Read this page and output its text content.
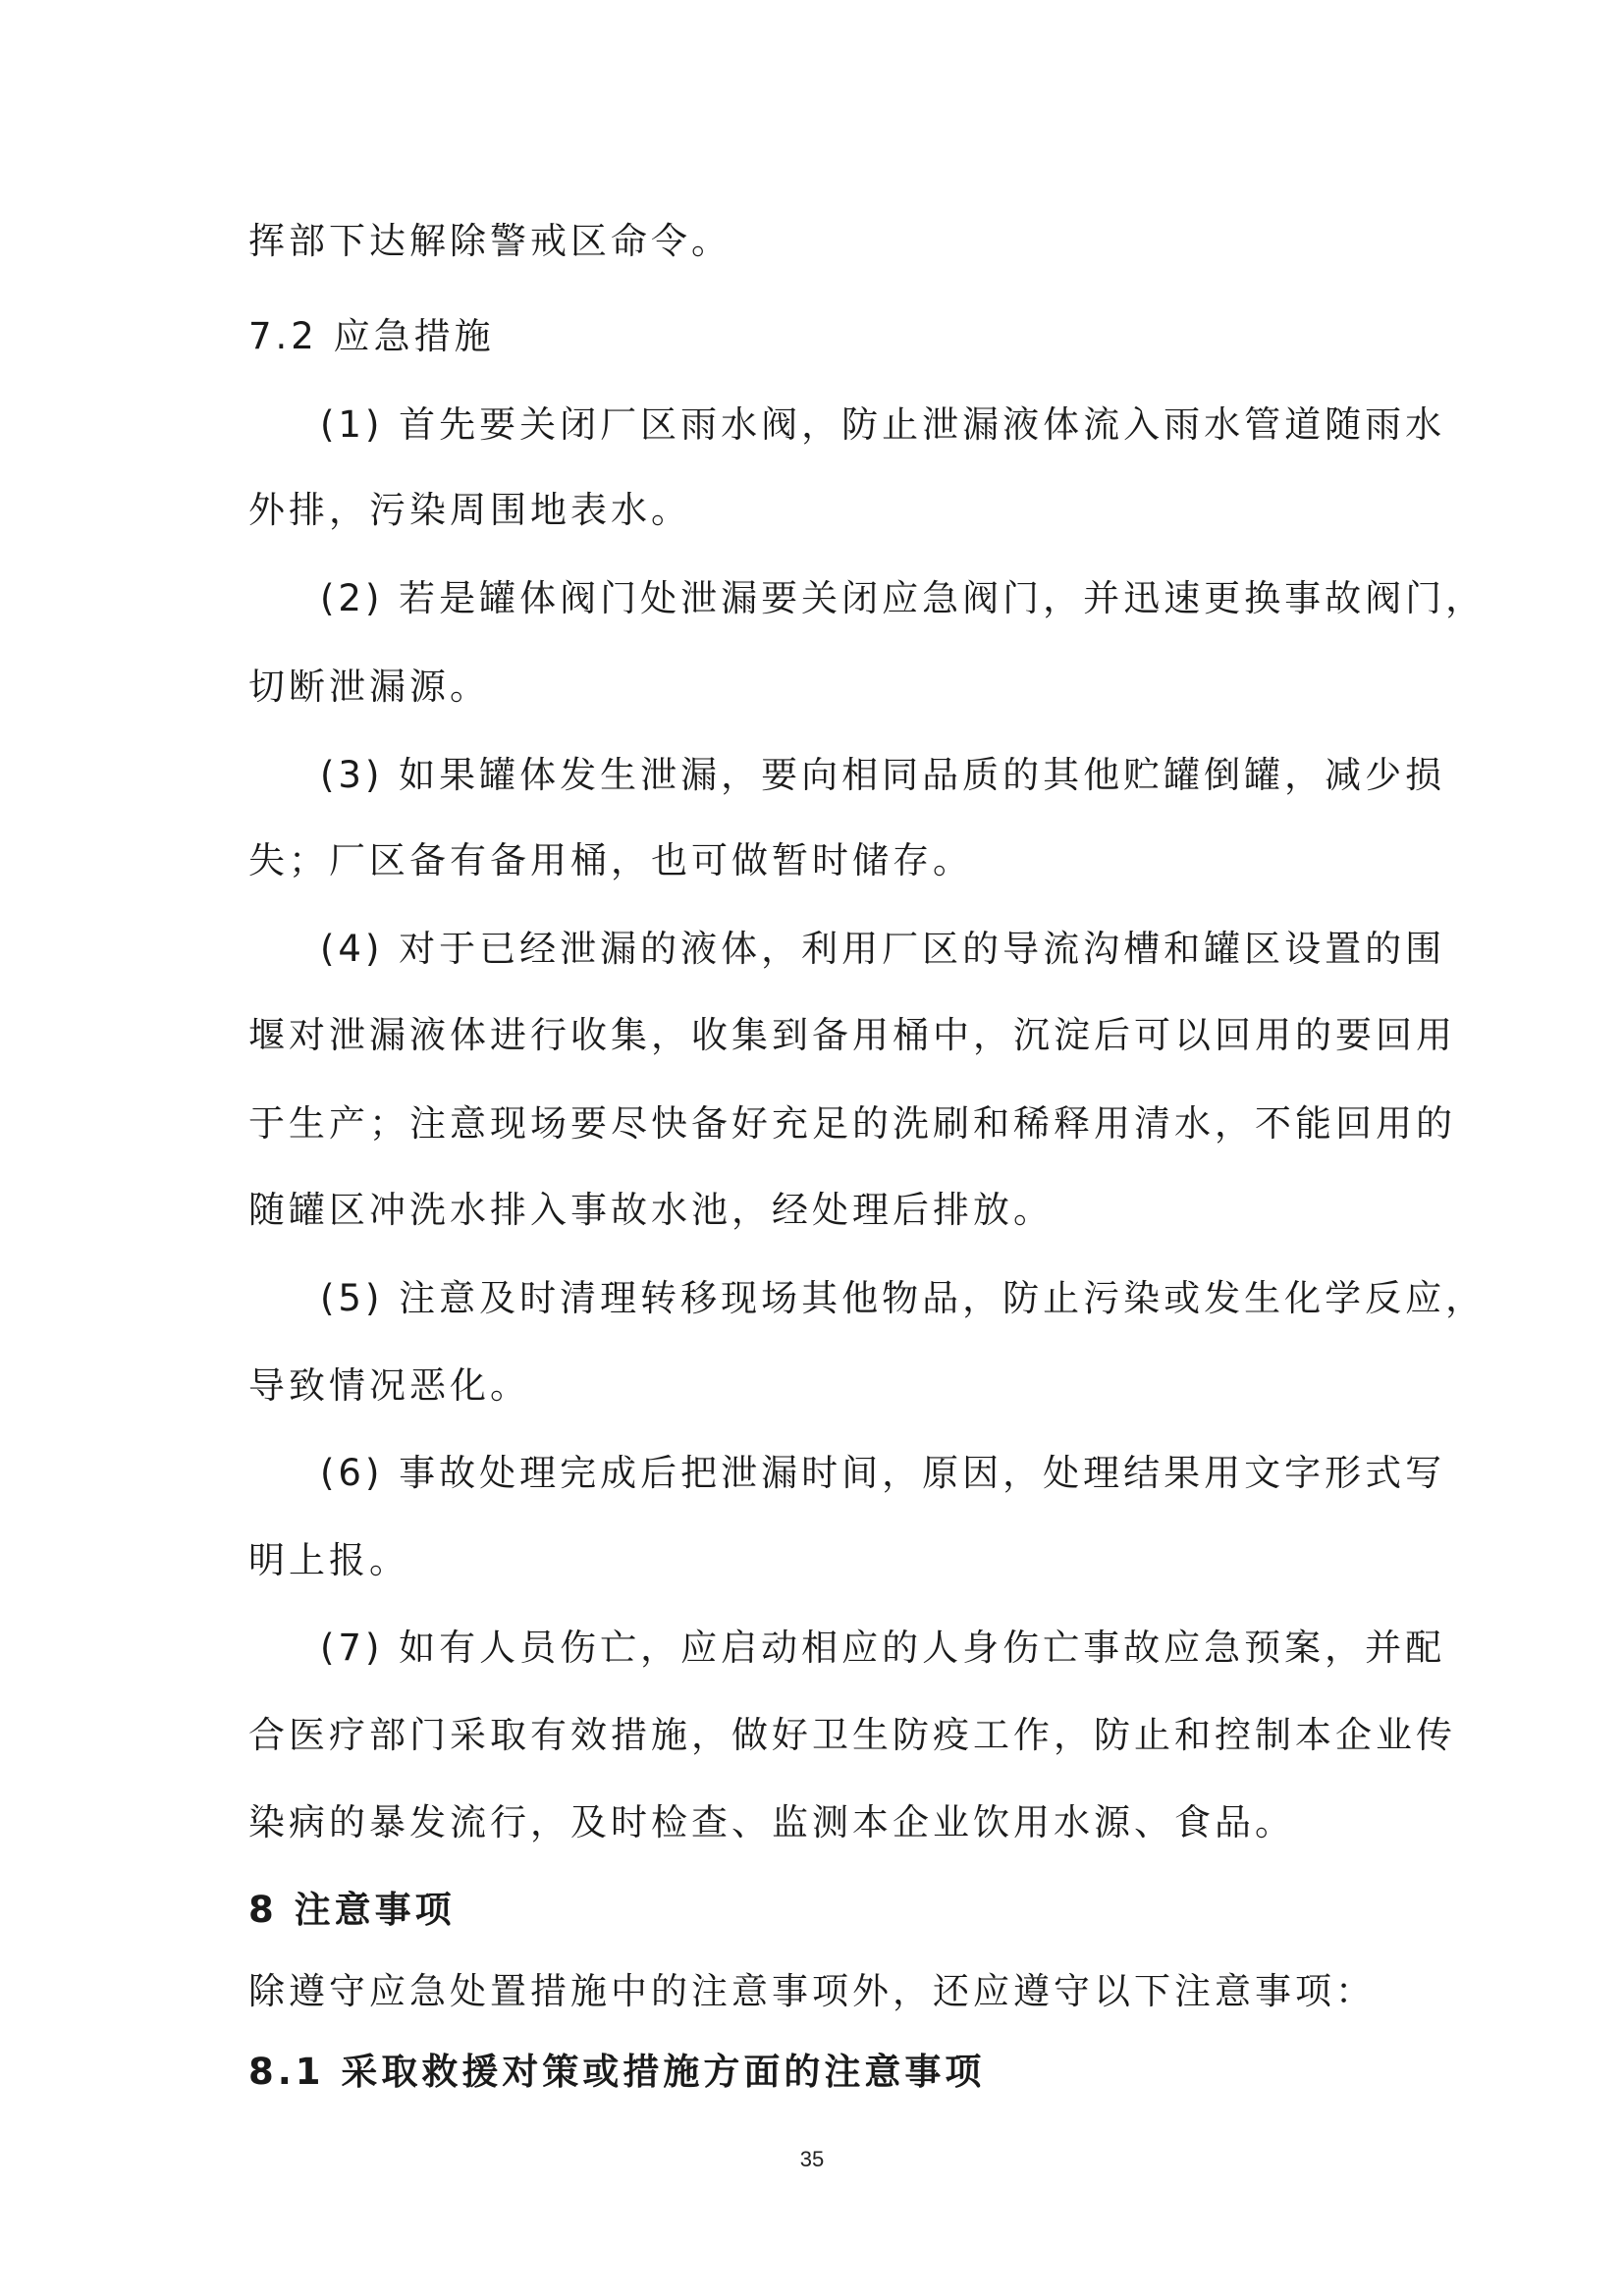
挥部下达解除警戒区命令。
7.2 应急措施
(1) 首先要关闭厂区雨水阀，防止泄漏液体流入雨水管道随雨水
外排，污染周围地表水。
(2) 若是罐体阀门处泄漏要关闭应急阀门，并迅速更换事故阀门，
切断泄漏源。
(3) 如果罐体发生泄漏，要向相同品质的其他贮罐倒罐，减少损
失；厂区备有备用桶，也可做暂时储存。
(4) 对于已经泄漏的液体，利用厂区的导流沟槽和罐区设置的围
堰对泄漏液体进行收集，收集到备用桶中，沉淀后可以回用的要回用
于生产；注意现场要尽快备好充足的洗刷和稀释用清水，不能回用的
随罐区冲洗水排入事故水池，经处理后排放。
(5) 注意及时清理转移现场其他物品，防止污染或发生化学反应，
导致情况恶化。
(6) 事故处理完成后把泄漏时间，原因，处理结果用文字形式写
明上报。
(7) 如有人员伤亡，应启动相应的人身伤亡事故应急预案，并配
合医疗部门采取有效措施，做好卫生防疫工作，防止和控制本企业传
染病的暴发流行，及时检查、监测本企业饮用水源、食品。
8 注意事项
除遵守应急处置措施中的注意事项外，还应遵守以下注意事项：
8.1 采取救援对策或措施方面的注意事项
35
